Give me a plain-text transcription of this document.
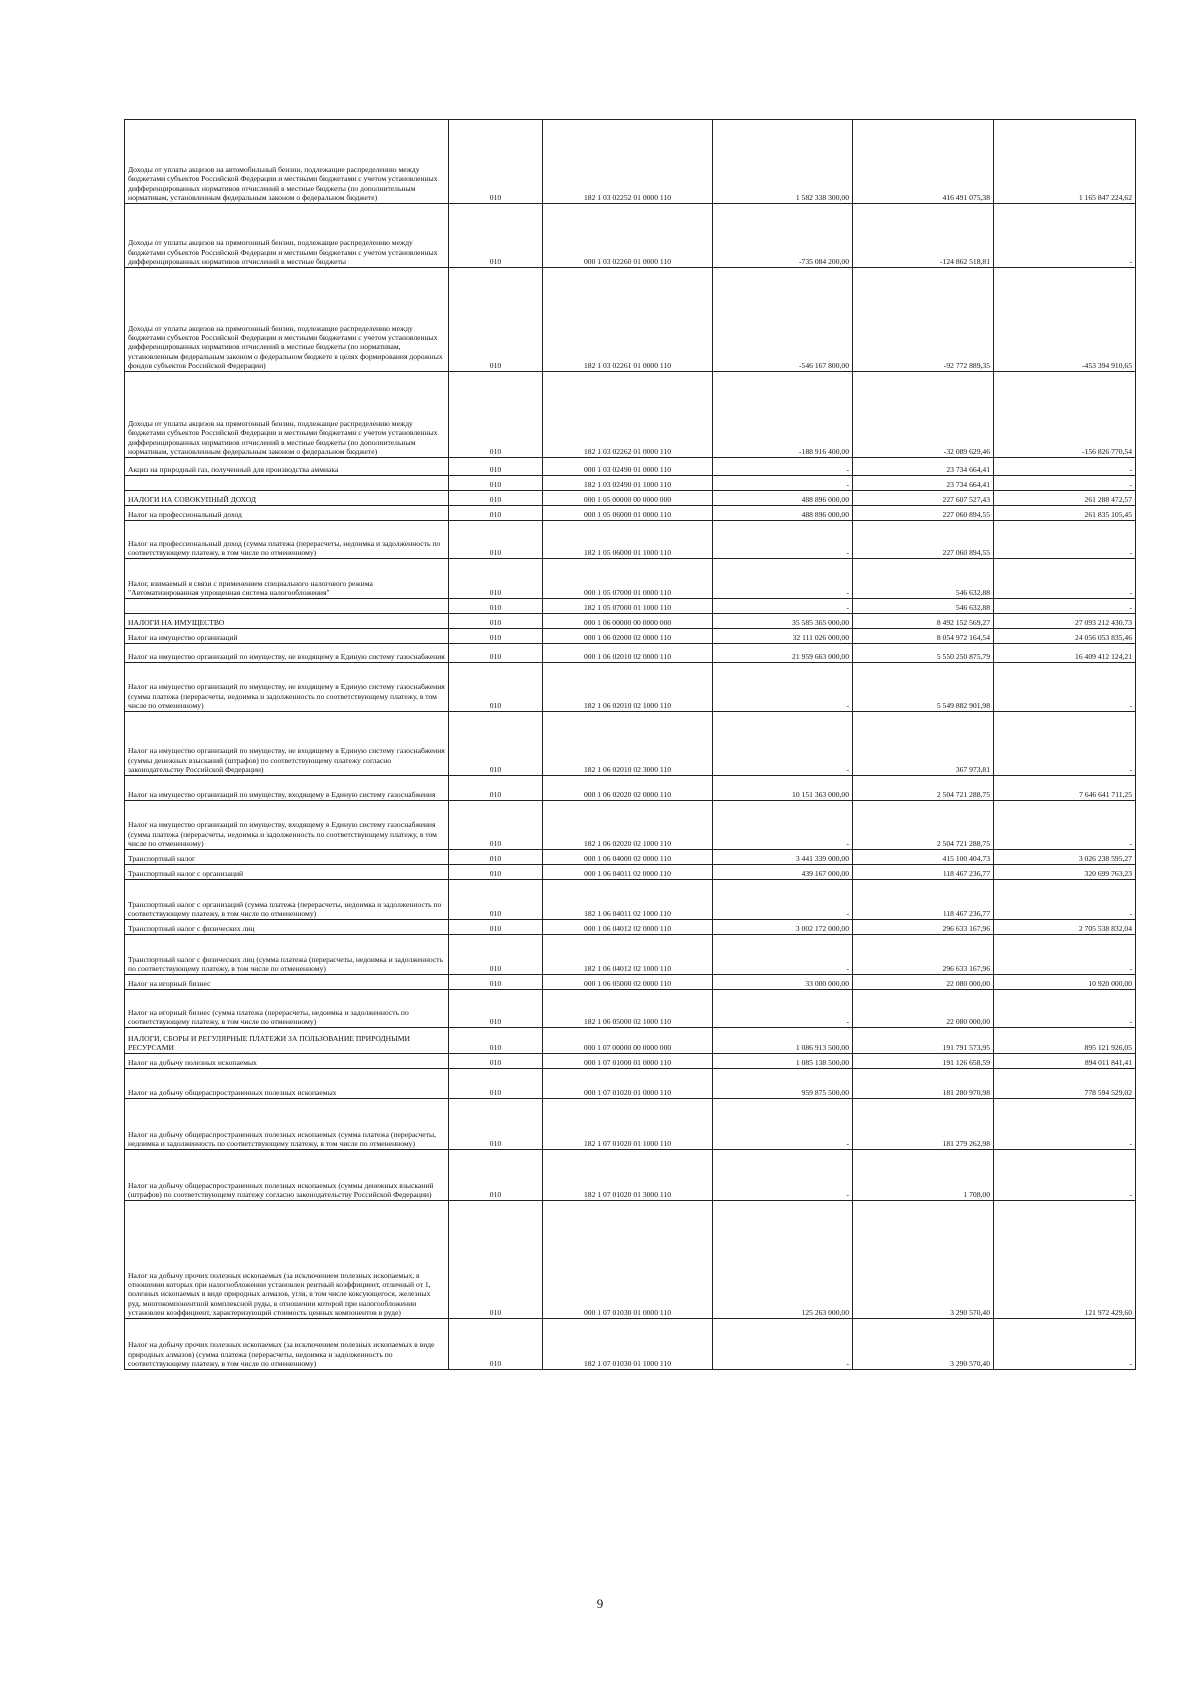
Доходы от уплаты акцизов на автомобильный бензин, подлежащие распределению между бюджетами субъектов Российской Федерации и местными бюджетами с учетом установленных дифференцированных нормативов отчислений в местные бюджеты (по дополнительным нормативам, установленным федеральным законом о федеральном бюджете)	010	182 1 03 02252 01 0000 110	1 582 338 300,00	416 491 075,38	1 165 847 224,62
Доходы от уплаты акцизов на прямогонный бензин, подлежащие распределению между бюджетами субъектов Российской Федерации и местными бюджетами с учетом установленных дифференцированных нормативов отчислений в местные бюджеты	010	000 1 03 02260 01 0000 110	-735 084 200,00	-124 862 518,81	-
Доходы от уплаты акцизов на прямогонный бензин, подлежащие распределению между бюджетами субъектов Российской Федерации и местными бюджетами с учетом установленных дифференцированных нормативов отчислений в местные бюджеты (по нормативам, установленным федеральным законом о федеральном бюджете в целях формирования дорожных фондов субъектов Российской Федерации)	010	182 1 03 02261 01 0000 110	-546 167 800,00	-92 772 889,35	-453 394 910,65
Доходы от уплаты акцизов на прямогонный бензин, подлежащие распределению между бюджетами субъектов Российской Федерации и местными бюджетами с учетом установленных дифференцированных нормативов отчислений в местные бюджеты (по дополнительным нормативам, установленным федеральным законом о федеральном бюджете)	010	182 1 03 02262 01 0000 110	-188 916 400,00	-32 089 629,46	-156 826 770,54
Акциз на природный газ, полученный для производства аммиака	010	000 1 03 02490 01 0000 110	-	23 734 664,41	-
	010	182 1 03 02490 01 1000 110	-	23 734 664,41	-
НАЛОГИ НА СОВОКУПНЫЙ ДОХОД	010	000 1 05 00000 00 0000 000	488 896 000,00	227 607 527,43	261 288 472,57
Налог на профессиональный доход	010	000 1 05 06000 01 0000 110	488 896 000,00	227 060 894,55	261 835 105,45
Налог на профессиональный доход (сумма платежа (перерасчеты, недоимка и задолженность по соответствующему платежу, в том числе по отмененному)	010	182 1 05 06000 01 1000 110	-	227 060 894,55	-
Налог, взимаемый в связи с применением специального налогового режима "Автоматизированная упрощенная система налогообложения"	010	000 1 05 07000 01 0000 110	-	546 632,88	-
	010	182 1 05 07000 01 1000 110	-	546 632,88	-
НАЛОГИ НА ИМУЩЕСТВО	010	000 1 06 00000 00 0000 000	35 585 365 000,00	8 492 152 569,27	27 093 212 430,73
Налог на имущество организаций	010	000 1 06 02000 02 0000 110	32 111 026 000,00	8 054 972 164,54	24 056 053 835,46
Налог на имущество организаций по имуществу, не входящему в Единую систему газоснабжения	010	000 1 06 02010 02 0000 110	21 959 663 000,00	5 550 250 875,79	16 409 412 124,21
Налог на имущество организаций по имуществу, не входящему в Единую систему газоснабжения (сумма платежа (перерасчеты, недоимка и задолженность по соответствующему платежу, в том числе по отмененному)	010	182 1 06 02010 02 1000 110	-	5 549 882 901,98	-
Налог на имущество организаций по имуществу, не входящему в Единую систему газоснабжения (суммы денежных взысканий (штрафов) по соответствующему платежу согласно законодательству Российской Федерации)	010	182 1 06 02010 02 3000 110	-	367 973,81	-
Налог на имущество организаций по имуществу, входящему в Единую систему газоснабжения	010	000 1 06 02020 02 0000 110	10 151 363 000,00	2 504 721 288,75	7 646 641 711,25
Налог на имущество организаций по имуществу, входящему в Единую систему газоснабжения (сумма платежа (перерасчеты, недоимка и задолженность по соответствующему платежу, в том числе по отмененному)	010	182 1 06 02020 02 1000 110	-	2 504 721 288,75	-
Транспортный налог	010	000 1 06 04000 02 0000 110	3 441 339 000,00	415 100 404,73	3 026 238 595,27
Транспортный налог с организаций	010	000 1 06 04011 02 0000 110	439 167 000,00	118 467 236,77	320 699 763,23
Транспортный налог с организаций (сумма платежа (перерасчеты, недоимка и задолженность по соответствующему платежу, в том числе по отмененному)	010	182 1 06 04011 02 1000 110	-	118 467 236,77	-
Транспортный налог с физических лиц	010	000 1 06 04012 02 0000 110	3 002 172 000,00	296 633 167,96	2 705 538 832,04
Транспортный налог с физических лиц (сумма платежа (перерасчеты, недоимка и задолженность по соответствующему платежу, в том числе по отмененному)	010	182 1 06 04012 02 1000 110	-	296 633 167,96	-
Налог на игорный бизнес	010	000 1 06 05000 02 0000 110	33 000 000,00	22 080 000,00	10 920 000,00
Налог на игорный бизнес (сумма платежа (перерасчеты, недоимка и задолженность по соответствующему платежу, в том числе по отмененному)	010	182 1 06 05000 02 1000 110	-	22 080 000,00	-
НАЛОГИ, СБОРЫ И РЕГУЛЯРНЫЕ ПЛАТЕЖИ ЗА ПОЛЬЗОВАНИЕ ПРИРОДНЫМИ РЕСУРСАМИ	010	000 1 07 00000 00 0000 000	1 086 913 500,00	191 791 573,95	895 121 926,05
Налог на добычу полезных ископаемых	010	000 1 07 01000 01 0000 110	1 085 138 500,00	191 126 658,59	894 011 841,41
Налог на добычу общераспространенных полезных ископаемых	010	000 1 07 01020 01 0000 110	959 875 500,00	181 280 970,98	778 594 529,02
Налог на добычу общераспространенных полезных ископаемых (сумма платежа (перерасчеты, недоимка и задолженность по соответствующему платежу, в том числе по отмененному)	010	182 1 07 01020 01 1000 110	-	181 279 262,98	-
Налог на добычу общераспространенных полезных ископаемых (суммы денежных взысканий (штрафов) по соответствующему платежу согласно законодательству Российской Федерации)	010	182 1 07 01020 01 3000 110	-	1 708,00	-
Налог на добычу прочих полезных ископаемых (за исключением полезных ископаемых, в отношении которых при налогообложении установлен рентный коэффициент, отличный от 1, полезных ископаемых в виде природных алмазов, угля, в том числе коксующегося, железных руд, многокомпонентной комплексной руды, в отношении которой при налогообложении установлен коэффициент, характеризующий стоимость ценных компонентов в руде)	010	000 1 07 01030 01 0000 110	125 263 000,00	3 290 570,40	121 972 429,60
Налог на добычу прочих полезных ископаемых (за исключением полезных ископаемых в виде природных алмазов) (сумма платежа (перерасчеты, недоимка и задолженность по соответствующему платежу, в том числе по отмененному)	010	182 1 07 01030 01 1000 110	-	3 290 570,40	-
9
